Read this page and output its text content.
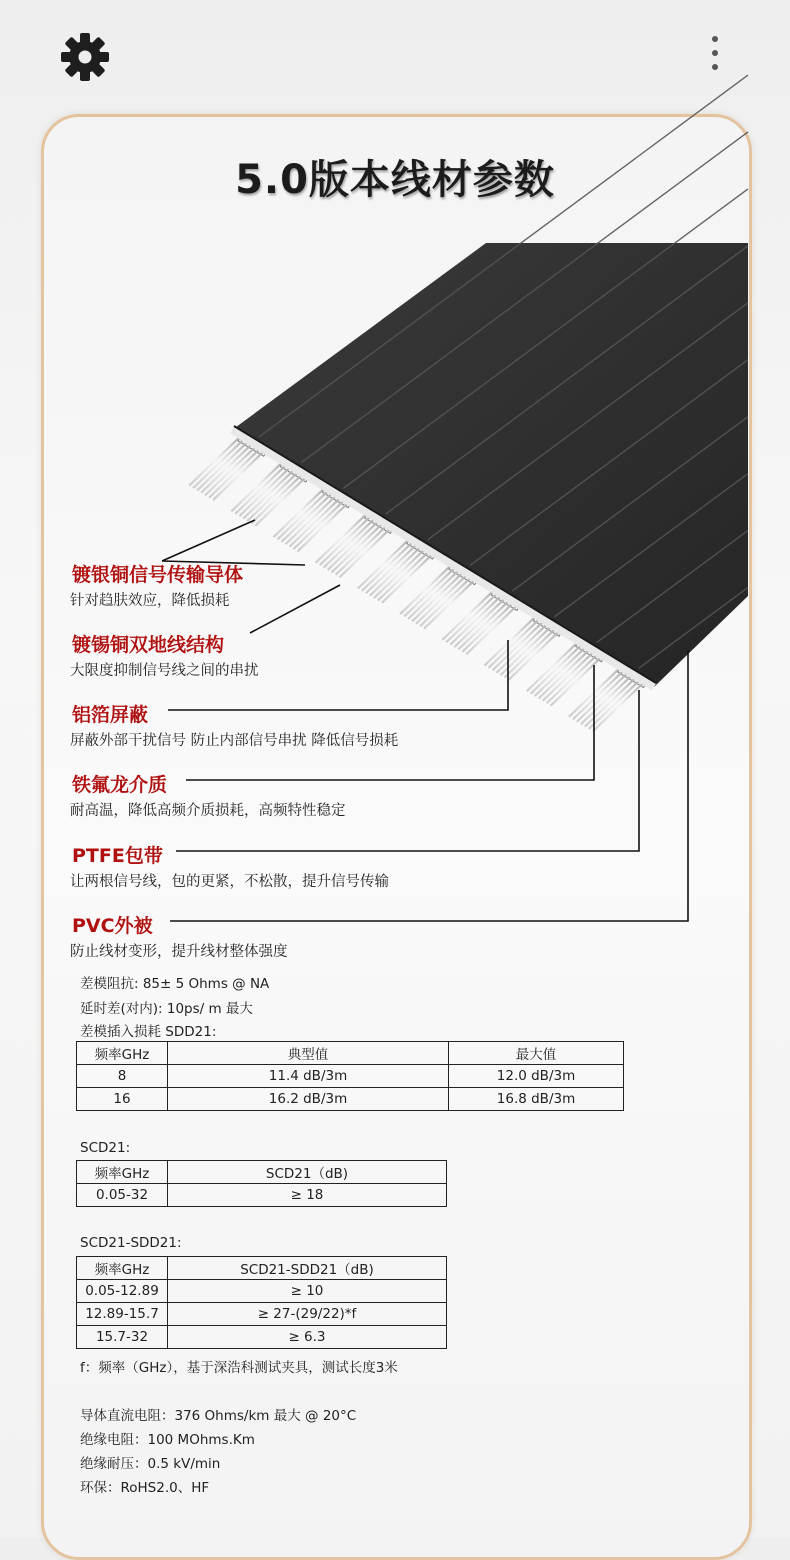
5.0版本线材参数
镀银铜信号传输导体
针对趋肤效应，降低损耗
镀锡铜双地线结构
大限度抑制信号线之间的串扰
铝箔屏蔽
屏蔽外部干扰信号 防止内部信号串扰 降低信号损耗
铁氟龙介质
耐高温，降低高频介质损耗，高频特性稳定
PTFE包带
让两根信号线，包的更紧，不松散，提升信号传输
PVC外被
防止线材变形，提升线材整体强度
差模阻抗: 85± 5 Ohms @ NA
延时差(对内): 10ps/ m 最大
差模插入损耗 SDD21:
频率GHz	典型值	最大值
8	11.4 dB/3m	12.0 dB/3m
16	16.2 dB/3m	16.8 dB/3m
SCD21:
频率GHz	SCD21（dB)
0.05-32	≥ 18
SCD21-SDD21:
频率GHz	SCD21-SDD21（dB)
0.05-12.89	≥ 10
12.89-15.7	≥ 27-(29/22)*f
15.7-32	≥ 6.3
f：频率（GHz），基于深浩科测试夹具，测试长度3米
导体直流电阻：376 Ohms/km 最大 @ 20°C
绝缘电阻：100 MOhms.Km
绝缘耐压：0.5 kV/min
环保：RoHS2.0、HF
